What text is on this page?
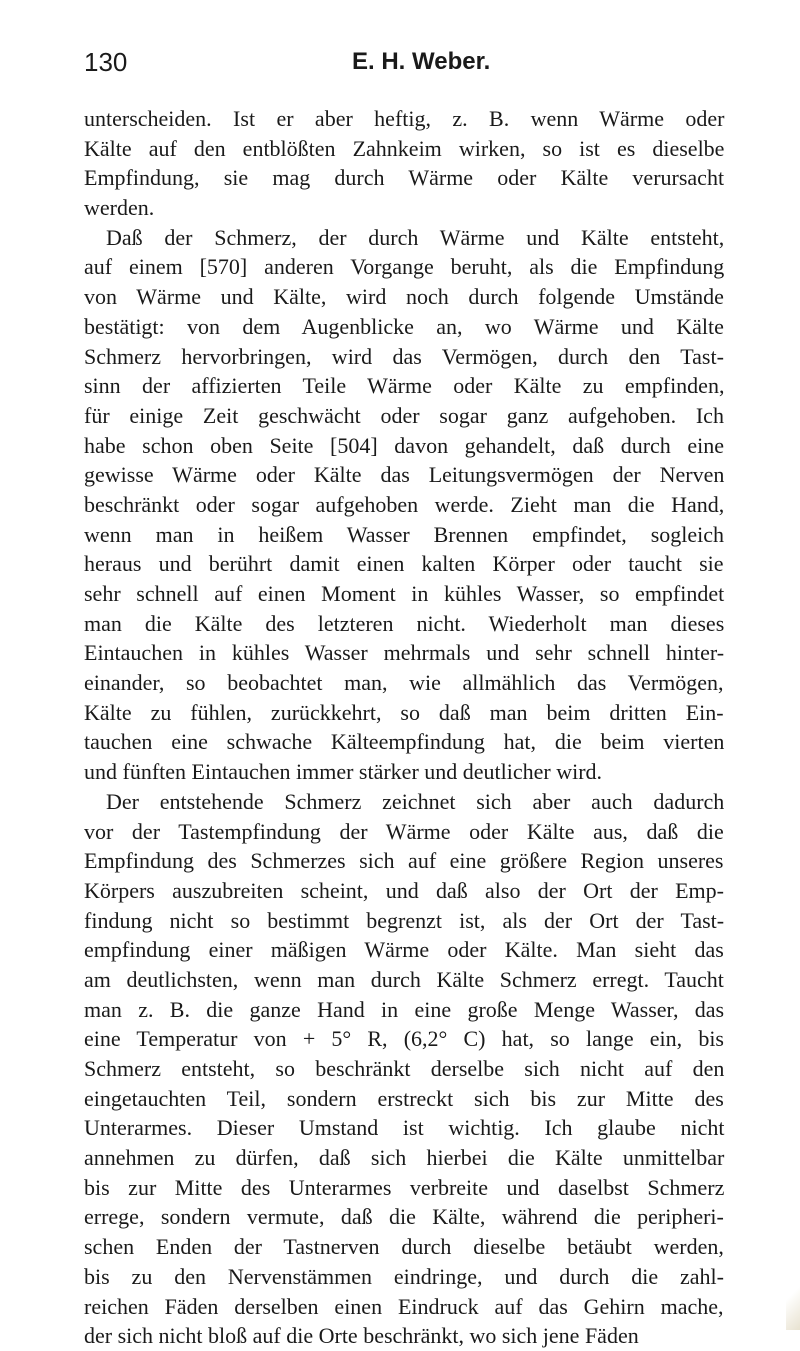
130	E. H. Weber.
unterscheiden. Ist er aber heftig, z. B. wenn Wärme oder
Kälte auf den entblößten Zahnkeim wirken, so ist es dieselbe
Empfindung, sie mag durch Wärme oder Kälte verursacht
werden.
 Daß der Schmerz, der durch Wärme und Kälte entsteht,
auf einem [570] anderen Vorgange beruht, als die Empfindung
von Wärme und Kälte, wird noch durch folgende Umstände
bestätigt: von dem Augenblicke an, wo Wärme und Kälte
Schmerz hervorbringen, wird das Vermögen, durch den Tast-
sinn der affizierten Teile Wärme oder Kälte zu empfinden,
für einige Zeit geschwächt oder sogar ganz aufgehoben. Ich
habe schon oben Seite [504] davon gehandelt, daß durch eine
gewisse Wärme oder Kälte das Leitungsvermögen der Nerven
beschränkt oder sogar aufgehoben werde. Zieht man die Hand,
wenn man in heißem Wasser Brennen empfindet, sogleich
heraus und berührt damit einen kalten Körper oder taucht sie
sehr schnell auf einen Moment in kühles Wasser, so empfindet
man die Kälte des letzteren nicht. Wiederholt man dieses
Eintauchen in kühles Wasser mehrmals und sehr schnell hinter-
einander, so beobachtet man, wie allmählich das Vermögen,
Kälte zu fühlen, zurückkehrt, so daß man beim dritten Ein-
tauchen eine schwache Kälteempfindung hat, die beim vierten
und fünften Eintauchen immer stärker und deutlicher wird.
 Der entstehende Schmerz zeichnet sich aber auch dadurch
vor der Tastempfindung der Wärme oder Kälte aus, daß die
Empfindung des Schmerzes sich auf eine größere Region unseres
Körpers auszubreiten scheint, und daß also der Ort der Emp-
findung nicht so bestimmt begrenzt ist, als der Ort der Tast-
empfindung einer mäßigen Wärme oder Kälte. Man sieht das
am deutlichsten, wenn man durch Kälte Schmerz erregt. Taucht
man z. B. die ganze Hand in eine große Menge Wasser, das
eine Temperatur von + 5° R, (6,2° C) hat, so lange ein, bis
Schmerz entsteht, so beschränkt derselbe sich nicht auf den
eingetauchten Teil, sondern erstreckt sich bis zur Mitte des
Unterarmes. Dieser Umstand ist wichtig. Ich glaube nicht
annehmen zu dürfen, daß sich hierbei die Kälte unmittelbar
bis zur Mitte des Unterarmes verbreite und daselbst Schmerz
errege, sondern vermute, daß die Kälte, während die peripheri-
schen Enden der Tastnerven durch dieselbe betäubt werden,
bis zu den Nervenstämmen eindringe, und durch die zahl-
reichen Fäden derselben einen Eindruck auf das Gehirn mache,
der sich nicht bloß auf die Orte beschränkt, wo sich jene Fäden
